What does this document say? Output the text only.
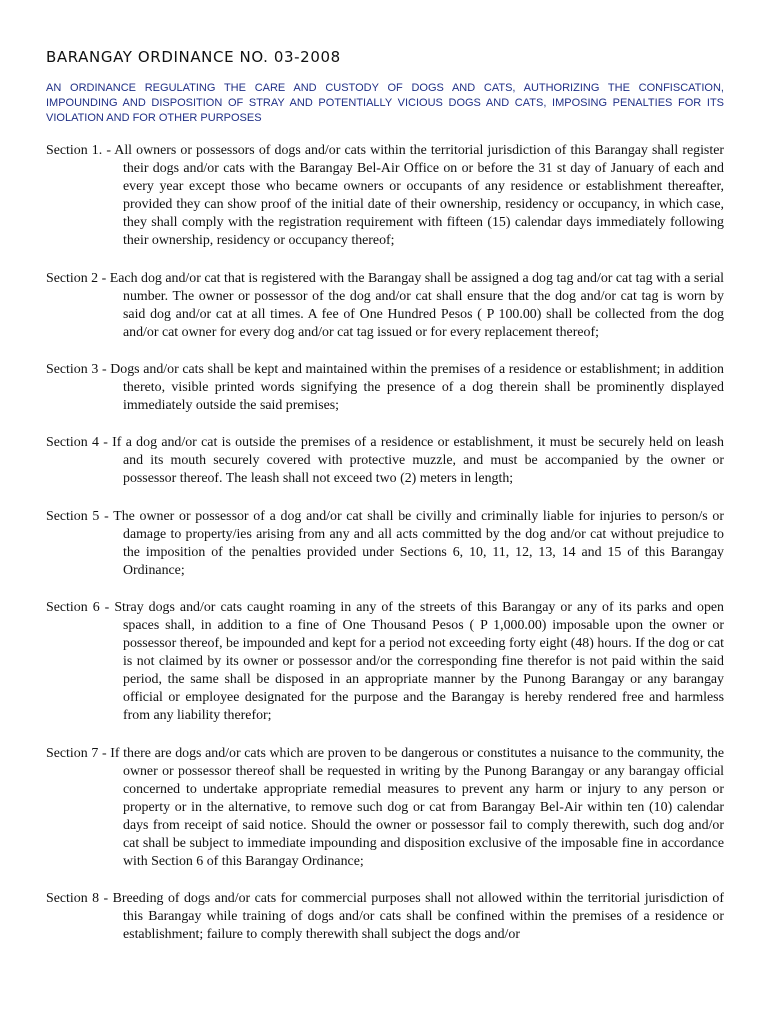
BARANGAY ORDINANCE NO. 03-2008

AN ORDINANCE REGULATING THE CARE AND CUSTODY OF DOGS AND CATS, AUTHORIZING THE CONFISCATION, IMPOUNDING AND DISPOSITION OF STRAY AND POTENTIALLY VICIOUS DOGS AND CATS, IMPOSING PENALTIES FOR ITS VIOLATION AND FOR OTHER PURPOSES

Section 1. - All owners or possessors of dogs and/or cats within the territorial jurisdiction of this Barangay shall register their dogs and/or cats with the Barangay Bel-Air Office on or before the 31 st day of January of each and every year except those who became owners or occupants of any residence or establishment thereafter, provided they can show proof of the initial date of their ownership, residency or occupancy, in which case, they shall comply with the registration requirement with fifteen (15) calendar days immediately following their ownership, residency or occupancy thereof;

Section 2 - Each dog and/or cat that is registered with the Barangay shall be assigned a dog tag and/or cat tag with a serial number. The owner or possessor of the dog and/or cat shall ensure that the dog and/or cat tag is worn by said dog and/or cat at all times. A fee of One Hundred Pesos ( P 100.00) shall be collected from the dog and/or cat owner for every dog and/or cat tag issued or for every replacement thereof;

Section 3 - Dogs and/or cats shall be kept and maintained within the premises of a residence or establishment; in addition thereto, visible printed words signifying the presence of a dog therein shall be prominently displayed immediately outside the said premises;

Section 4 - If a dog and/or cat is outside the premises of a residence or establishment, it must be securely held on leash and its mouth securely covered with protective muzzle, and must be accompanied by the owner or possessor thereof. The leash shall not exceed two (2) meters in length;

Section 5 - The owner or possessor of a dog and/or cat shall be civilly and criminally liable for injuries to person/s or damage to property/ies arising from any and all acts committed by the dog and/or cat without prejudice to the imposition of the penalties provided under Sections 6, 10, 11, 12, 13, 14 and 15 of this Barangay Ordinance;

Section 6 - Stray dogs and/or cats caught roaming in any of the streets of this Barangay or any of its parks and open spaces shall, in addition to a fine of One Thousand Pesos ( P 1,000.00) imposable upon the owner or possessor thereof, be impounded and kept for a period not exceeding forty eight (48) hours. If the dog or cat is not claimed by its owner or possessor and/or the corresponding fine therefor is not paid within the said period, the same shall be disposed in an appropriate manner by the Punong Barangay or any barangay official or employee designated for the purpose and the Barangay is hereby rendered free and harmless from any liability therefor;

Section 7 - If there are dogs and/or cats which are proven to be dangerous or constitutes a nuisance to the community, the owner or possessor thereof shall be requested in writing by the Punong Barangay or any barangay official concerned to undertake appropriate remedial measures to prevent any harm or injury to any person or property or in the alternative, to remove such dog or cat from Barangay Bel-Air within ten (10) calendar days from receipt of said notice. Should the owner or possessor fail to comply therewith, such dog and/or cat shall be subject to immediate impounding and disposition exclusive of the imposable fine in accordance with Section 6 of this Barangay Ordinance;

Section 8 - Breeding of dogs and/or cats for commercial purposes shall not allowed within the territorial jurisdiction of this Barangay while training of dogs and/or cats shall be confined within the premises of a residence or establishment; failure to comply therewith shall subject the dogs and/or
